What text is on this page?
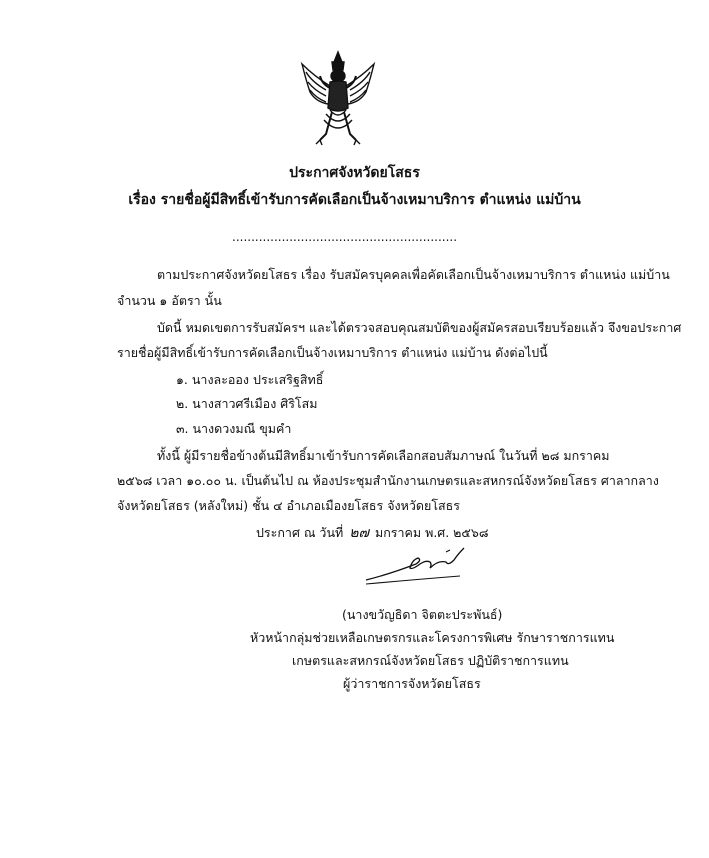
ประกาศจังหวัดยโสธร
เรื่อง รายชื่อผู้มีสิทธิ์เข้ารับการคัดเลือกเป็นจ้างเหมาบริการ ตำแหน่ง แม่บ้าน
...........................................................
ตามประกาศจังหวัดยโสธร เรื่อง รับสมัครบุคคลเพื่อคัดเลือกเป็นจ้างเหมาบริการ ตำแหน่ง แม่บ้าน
จำนวน ๑ อัตรา นั้น
บัดนี้ หมดเขตการรับสมัครฯ และได้ตรวจสอบคุณสมบัติของผู้สมัครสอบเรียบร้อยแล้ว จึงขอประกาศ
รายชื่อผู้มีสิทธิ์เข้ารับการคัดเลือกเป็นจ้างเหมาบริการ ตำแหน่ง แม่บ้าน ดังต่อไปนี้
๑. นางละออง ประเสริฐสิทธิ์
๒. นางสาวศรีเมือง ศิริโสม
๓. นางดวงมณี ขุมคำ
ทั้งนี้ ผู้มีรายชื่อข้างต้นมีสิทธิ์มาเข้ารับการคัดเลือกสอบสัมภาษณ์ ในวันที่ ๒๘ มกราคม
๒๕๖๘ เวลา ๑๐.๐๐ น. เป็นต้นไป ณ ห้องประชุมสำนักงานเกษตรและสหกรณ์จังหวัดยโสธร ศาลากลาง
จังหวัดยโสธร (หลังใหม่) ชั้น ๔ อำเภอเมืองยโสธร จังหวัดยโสธร
ประกาศ ณ วันที่ ๒๗ มกราคม พ.ศ. ๒๕๖๘
(นางขวัญธิดา จิตตะประพันธ์)
หัวหน้ากลุ่มช่วยเหลือเกษตรกรและโครงการพิเศษ รักษาราชการแทน
เกษตรและสหกรณ์จังหวัดยโสธร ปฏิบัติราชการแทน
ผู้ว่าราชการจังหวัดยโสธร
